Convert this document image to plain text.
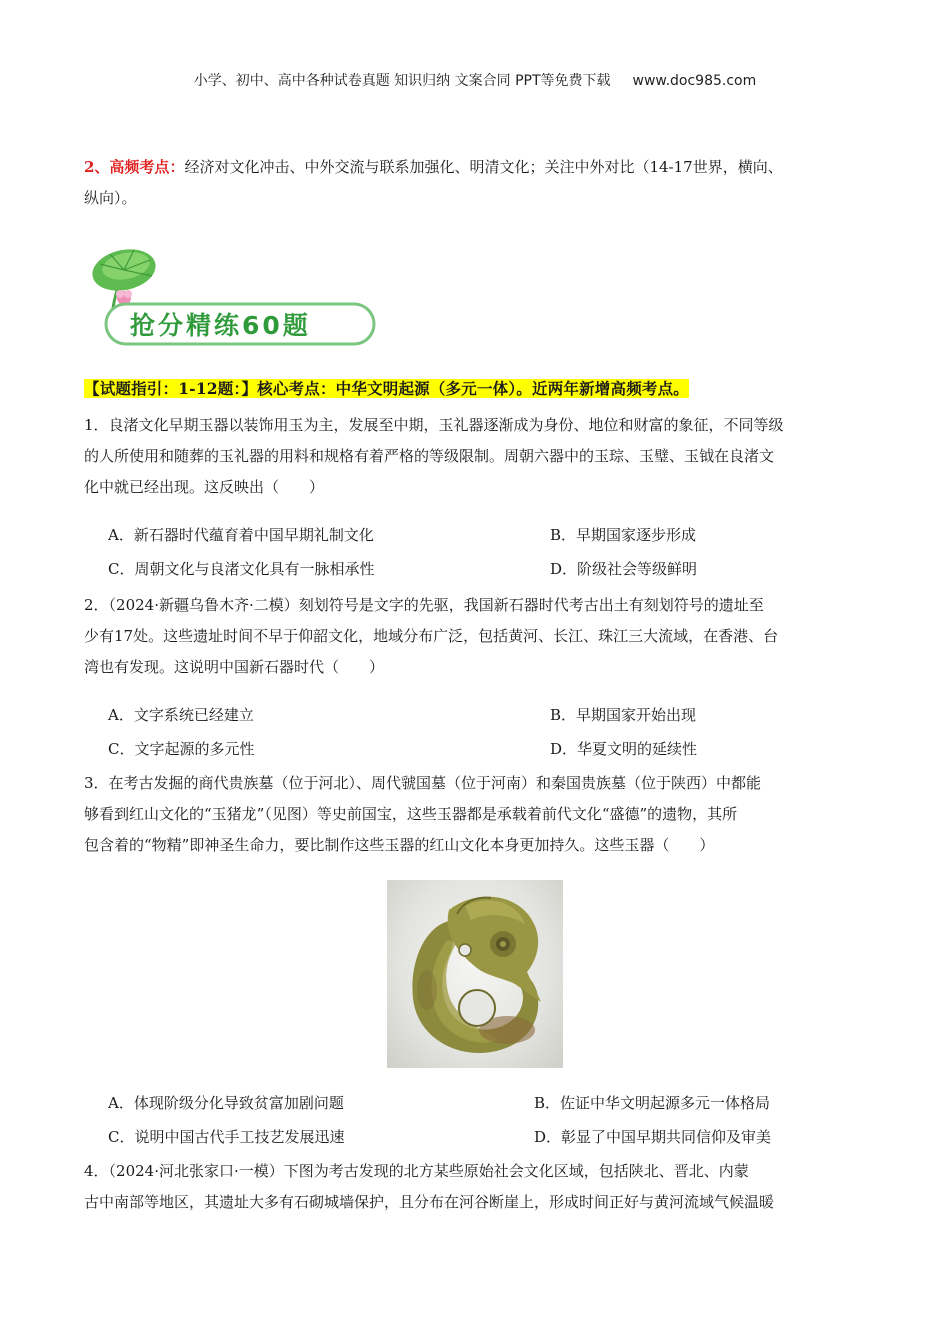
小学、初中、高中各种试卷真题 知识归纳 文案合同 PPT等免费下载 www.doc985.com

2、高频考点：经济对文化冲击、中外交流与联系加强化、明清文化；关注中外对比（14-17世界，横向、

纵向）。

抢分精练60题

【试题指引：1-12题：】核心考点：中华文明起源（多元一体）。近两年新增高频考点。

1．良渚文化早期玉器以装饰用玉为主，发展至中期，玉礼器逐渐成为身份、地位和财富的象征，不同等级

的人所使用和随葬的玉礼器的用料和规格有着严格的等级限制。周朝六器中的玉琮、玉璧、玉钺在良渚文

化中就已经出现。这反映出（　　）

A．新石器时代蕴育着中国早期礼制文化	B．早期国家逐步形成
C．周朝文化与良渚文化具有一脉相承性	D．阶级社会等级鲜明

2．（2024·新疆乌鲁木齐·二模）刻划符号是文字的先驱，我国新石器时代考古出土有刻划符号的遗址至

少有17处。这些遗址时间不早于仰韶文化，地域分布广泛，包括黄河、长江、珠江三大流域，在香港、台

湾也有发现。这说明中国新石器时代（　　）

A．文字系统已经建立	B．早期国家开始出现
C．文字起源的多元性	D．华夏文明的延续性

3．在考古发掘的商代贵族墓（位于河北）、周代虢国墓（位于河南）和秦国贵族墓（位于陕西）中都能

够看到红山文化的“玉猪龙”（见图）等史前国宝，这些玉器都是承载着前代文化“盛德”的遗物，其所

包含着的“物精”即神圣生命力，要比制作这些玉器的红山文化本身更加持久。这些玉器（　　）

A．体现阶级分化导致贫富加剧问题	B．佐证中华文明起源多元一体格局
C．说明中国古代手工技艺发展迅速	D．彰显了中国早期共同信仰及审美

4．（2024·河北张家口·一模）下图为考古发现的北方某些原始社会文化区域，包括陕北、晋北、内蒙

古中南部等地区，其遗址大多有石砌城墙保护，且分布在河谷断崖上，形成时间正好与黄河流域气候温暖
